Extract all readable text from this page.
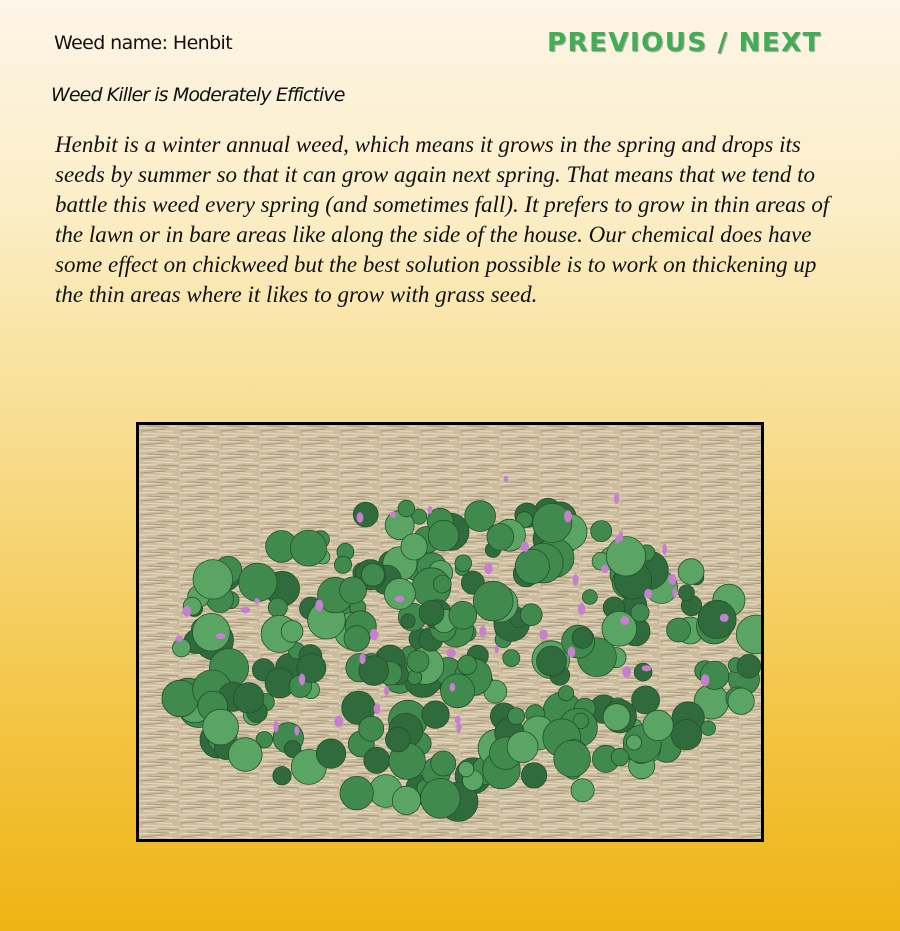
Weed name: Henbit	PREVIOUS / NEXT
Weed Killer is Moderately Effictive

Henbit is a winter annual weed, which means it grows in the spring and drops its seeds by summer so that it can grow again next spring. That means that we tend to battle this weed every spring (and sometimes fall). It prefers to grow in thin areas of the lawn or in bare areas like along the side of the house. Our chemical does have some effect on chickweed but the best solution possible is to work on thickening up the thin areas where it likes to grow with grass seed.
